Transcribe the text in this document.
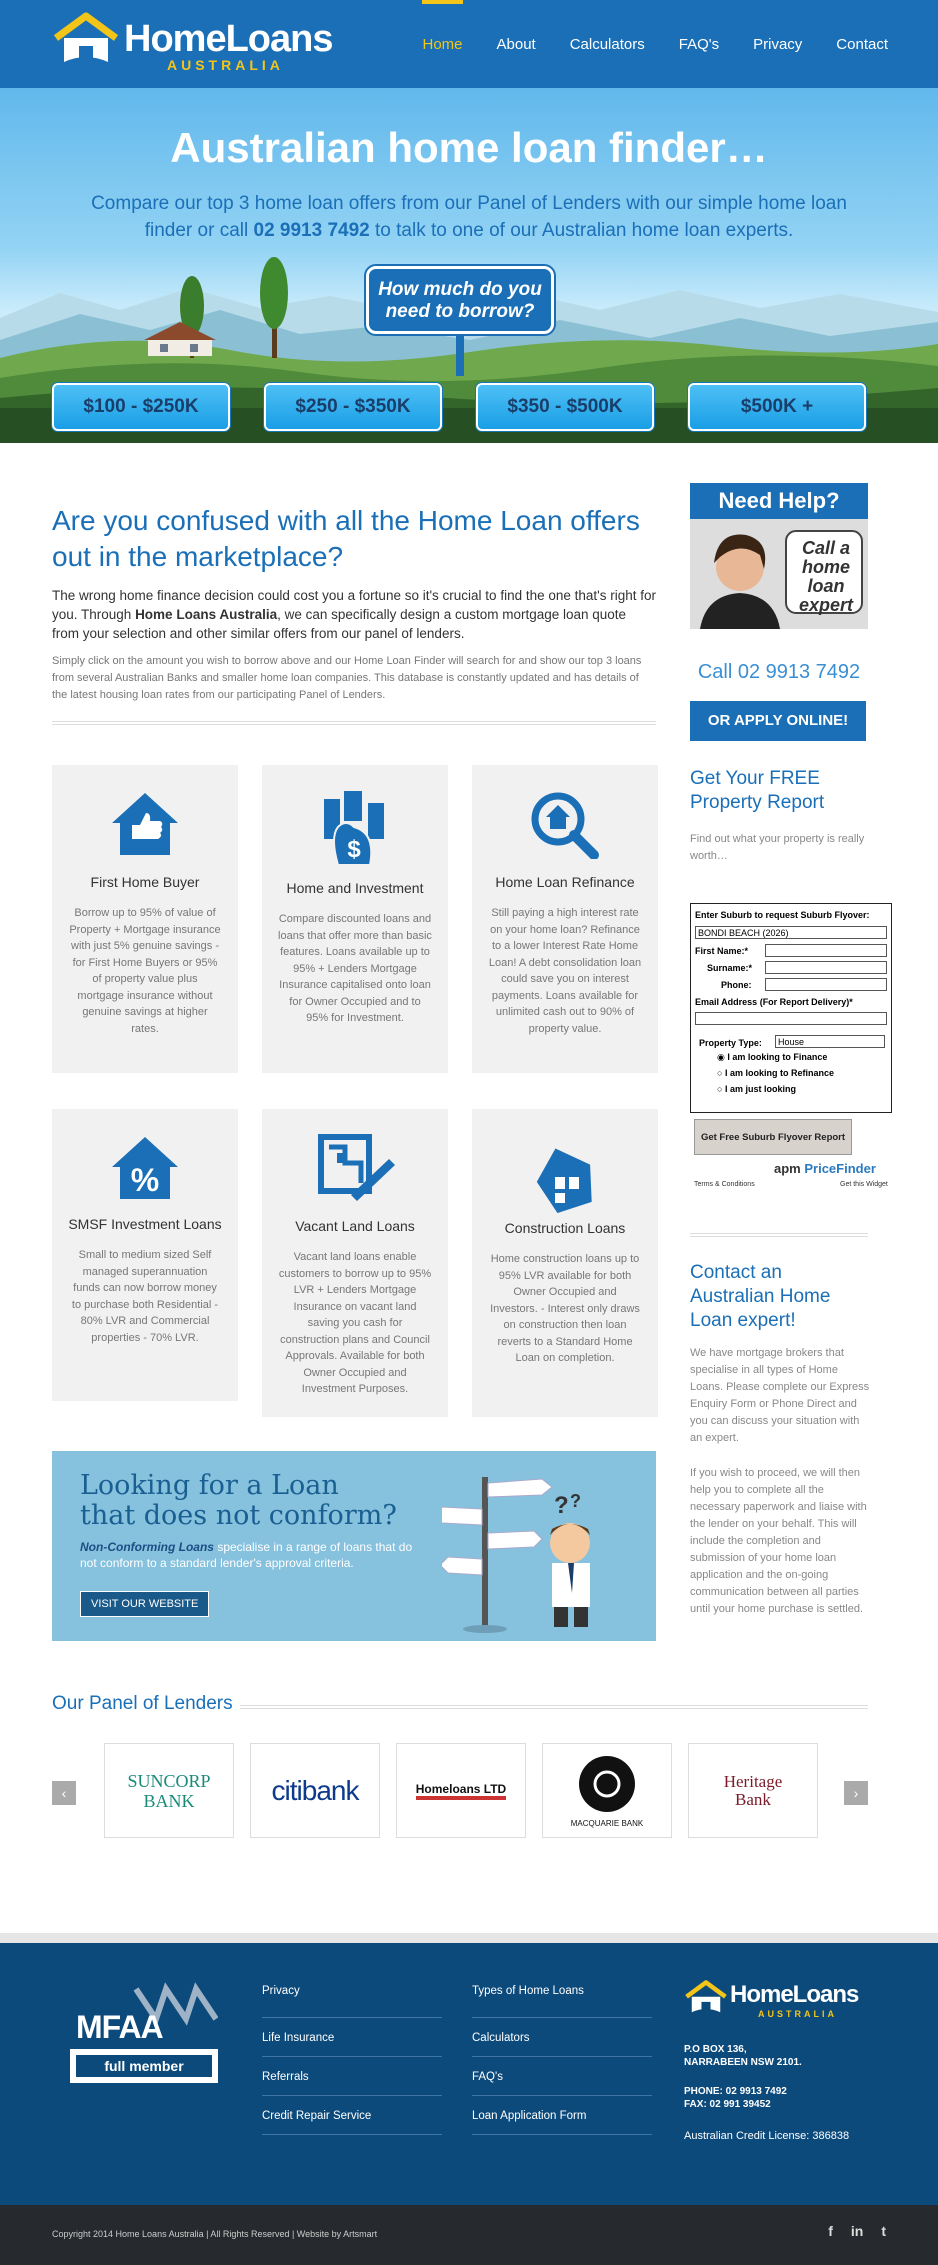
HomeLoans
AUSTRALIA
Home About Calculators FAQ's Privacy Contact
Australian home loan finder…

Compare our top 3 home loan offers from our Panel of Lenders with our simple home loan finder or call 02 9913 7492 to talk to one of our Australian home loan experts.

How much do you need to borrow?
$100 - $250K	$250 - $350K	$350 - $500K	$500K +
Are you confused with all the Home Loan offers out in the marketplace?
The wrong home finance decision could cost you a fortune so it's crucial to find the one that's right for you. Through Home Loans Australia, we can specifically design a custom mortgage loan quote from your selection and other similar offers from our panel of lenders.
Simply click on the amount you wish to borrow above and our Home Loan Finder will search for and show our top 3 loans from several Australian Banks and smaller home loan companies. This database is constantly updated and has details of the latest housing loan rates from our participating Panel of Lenders.
First Home Buyer
Borrow up to 95% of value of Property + Mortgage insurance with just 5% genuine savings - for First Home Buyers or 95% of property value plus mortgage insurance without genuine savings at higher rates.
$
Home and Investment
Compare discounted loans and loans that offer more than basic features. Loans available up to 95% + Lenders Mortgage Insurance capitalised onto loan for Owner Occupied and to 95% for Investment.
Home Loan Refinance
Still paying a high interest rate on your home loan? Refinance to a lower Interest Rate Home Loan! A debt consolidation loan could save you on interest payments. Loans available for unlimited cash out to 90% of property value.
%
SMSF Investment Loans
Small to medium sized Self managed superannuation funds can now borrow money to purchase both Residential - 80% LVR and Commercial properties - 70% LVR.
Vacant Land Loans
Vacant land loans enable customers to borrow up to 95% LVR + Lenders Mortgage Insurance on vacant land saving you cash for construction plans and Council Approvals. Available for both Owner Occupied and Investment Purposes.
Construction Loans
Home construction loans up to 95% LVR available for both Owner Occupied and Investors. - Interest only draws on construction then loan reverts to a Standard Home Loan on completion.
Looking for a Loan
that does not conform?

Non-Conforming Loans specialise in a range of loans that do not conform to a standard lender's approval criteria.

VISIT OUR WEBSITE
? ?
Our Panel of Lenders
‹	›
SUNCORP BANK	citibank	Homeloans LTD
MACQUARIE BANK
Heritage Bank
Need Help?
Call a home loan expert
Call 02 9913 7492
OR APPLY ONLINE!
Get Your FREE Property Report
Find out what your property is really worth…
Enter Suburb to request Suburb Flyover:
BONDI BEACH (2026)
First Name:*
Surname:*
Phone:
Email Address (For Report Delivery)*
Property Type:	House
◉ I am looking to Finance
○ I am looking to Refinance
○ I am just looking
Get Free Suburb Flyover Report
apm PriceFinder
Terms & Conditions	Get this Widget
Contact an Australian Home Loan expert!
We have mortgage brokers that specialise in all types of Home Loans. Please complete our Express Enquiry Form or Phone Direct and you can discuss your situation with an expert.
If you wish to proceed, we will then help you to complete all the necessary paperwork and liaise with the lender on your behalf. This will include the completion and submission of your home loan application and the on-going communication between all parties until your home purchase is settled.
MFAA
full member
Privacy
Life Insurance
Referrals
Credit Repair Service
Types of Home Loans
Calculators
FAQ's
Loan Application Form
HomeLoans
AUSTRALIA
P.O BOX 136,
NARRABEEN NSW 2101.
PHONE: 02 9913 7492
FAX: 02 991 39452
Australian Credit License: 386838
Copyright 2014 Home Loans Australia | All Rights Reserved | Website by Artsmart	f in t
